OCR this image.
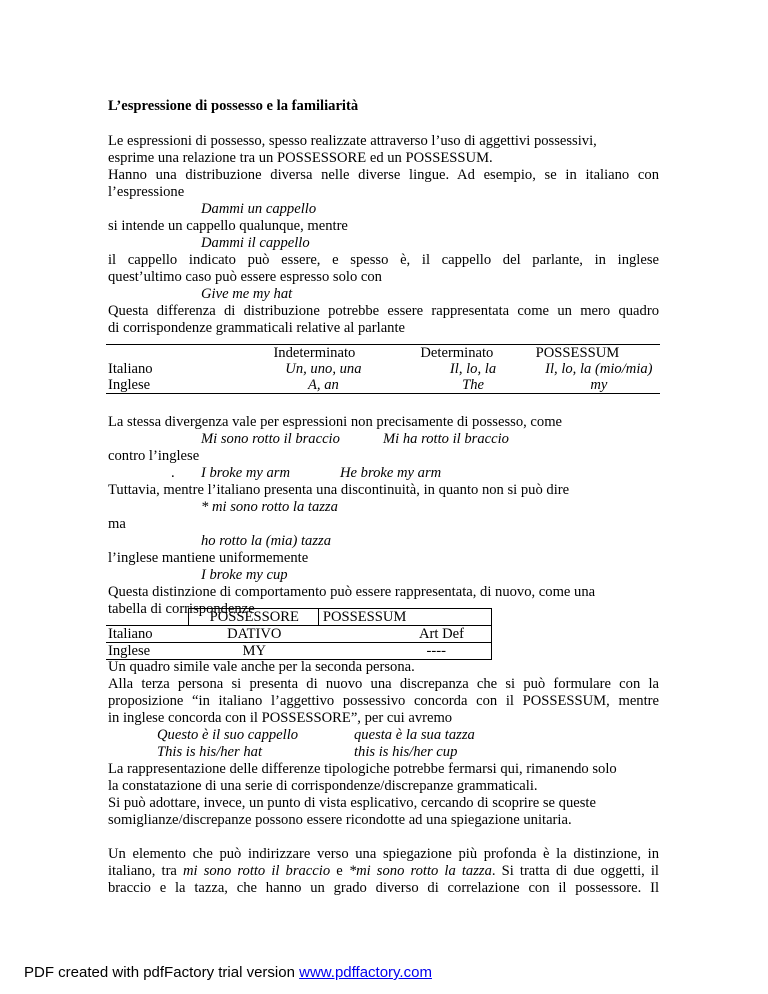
L’espressione di possesso e la familiarità
Le espressioni di possesso, spesso realizzate attraverso l’uso di aggettivi possessivi,
esprime una relazione tra un POSSESSORE ed un POSSESSUM.
Hanno una distribuzione diversa nelle diverse lingue. Ad esempio, se in italiano con
l’espressione
Dammi un cappello
si intende un cappello qualunque, mentre
Dammi il cappello
il cappello indicato può essere, e spesso è, il cappello del parlante, in inglese
quest’ultimo caso può essere espresso solo con
Give me my hat
Questa differenza di distribuzione potrebbe essere rappresentata come un mero quadro
di corrispondenze grammaticali relative al parlante
	Indeterminato	Determinato	POSSESSUM
Italiano	Un, uno, una	Il, lo, la	Il, lo, la (mio/mia)
Inglese	A, an	The	my
La stessa divergenza vale per espressioni non precisamente di possesso, come
Mi sono rotto il braccio	Mi ha rotto il braccio
contro l’inglese
. I broke my arm	He broke my arm
Tuttavia, mentre l’italiano presenta una discontinuità, in quanto non si può dire
* mi sono rotto la tazza
ma
ho rotto la (mia) tazza
l’inglese mantiene uniformemente
I broke my cup
Questa distinzione di comportamento può essere rappresentata, di nuovo, come una
tabella di corrispondenze
	POSSESSORE	POSSESSUM
Italiano	DATIVO	Art Def
Inglese	MY	----
Un quadro simile vale anche per la seconda persona.
Alla terza persona si presenta di nuovo una discrepanza che si può formulare con la
proposizione “in italiano l’aggettivo possessivo concorda con il POSSESSUM, mentre
in inglese concorda con il POSSESSORE”, per cui avremo
Questo è il suo cappello	questa è la sua tazza
This is his/her hat	this is his/her cup
La rappresentazione delle differenze tipologiche potrebbe fermarsi qui, rimanendo solo
la constatazione di una serie di corrispondenze/discrepanze grammaticali.
Si può adottare, invece, un punto di vista esplicativo, cercando di scoprire se queste
somiglianze/discrepanze possono essere ricondotte ad una spiegazione unitaria.
Un elemento che può indirizzare verso una spiegazione più profonda è la distinzione, in
italiano, tra mi sono rotto il braccio e *mi sono rotto la tazza. Si tratta di due oggetti, il
braccio e la tazza, che hanno un grado diverso di correlazione con il possessore. Il
PDF created with pdfFactory trial version www.pdffactory.com
